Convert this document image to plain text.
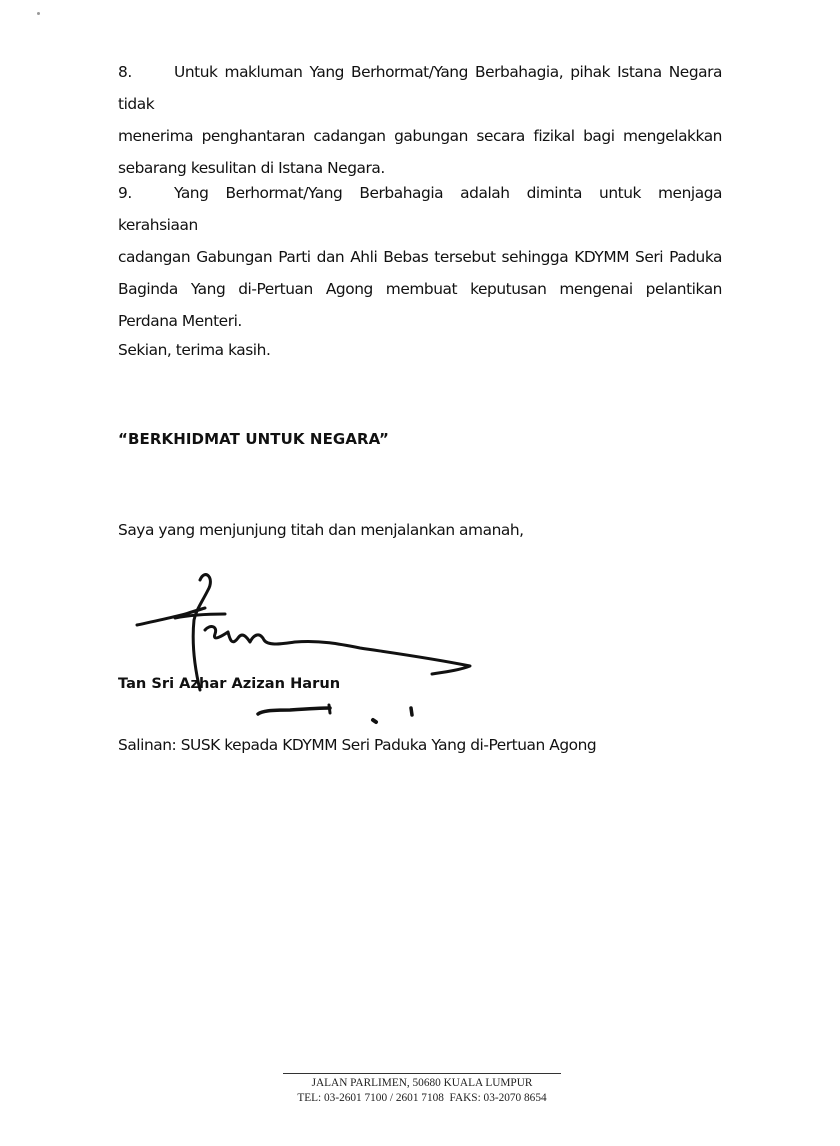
8.	Untuk makluman Yang Berhormat/Yang Berbahagia, pihak Istana Negara tidak
menerima penghantaran cadangan gabungan secara fizikal bagi mengelakkan sebarang kesulitan di Istana Negara.
9.	Yang Berhormat/Yang Berbahagia adalah diminta untuk menjaga kerahsiaan
cadangan Gabungan Parti dan Ahli Bebas tersebut sehingga KDYMM Seri Paduka Baginda Yang di-Pertuan Agong membuat keputusan mengenai pelantikan Perdana Menteri.
Sekian, terima kasih.
“BERKHIDMAT UNTUK NEGARA”
Saya yang menjunjung titah dan menjalankan amanah,
Tan Sri Azhar Azizan Harun
Salinan: SUSK kepada KDYMM Seri Paduka Yang di-Pertuan Agong
JALAN PARLIMEN, 50680 KUALA LUMPUR
TEL: 03-2601 7100 / 2601 7108  FAKS: 03-2070 8654
